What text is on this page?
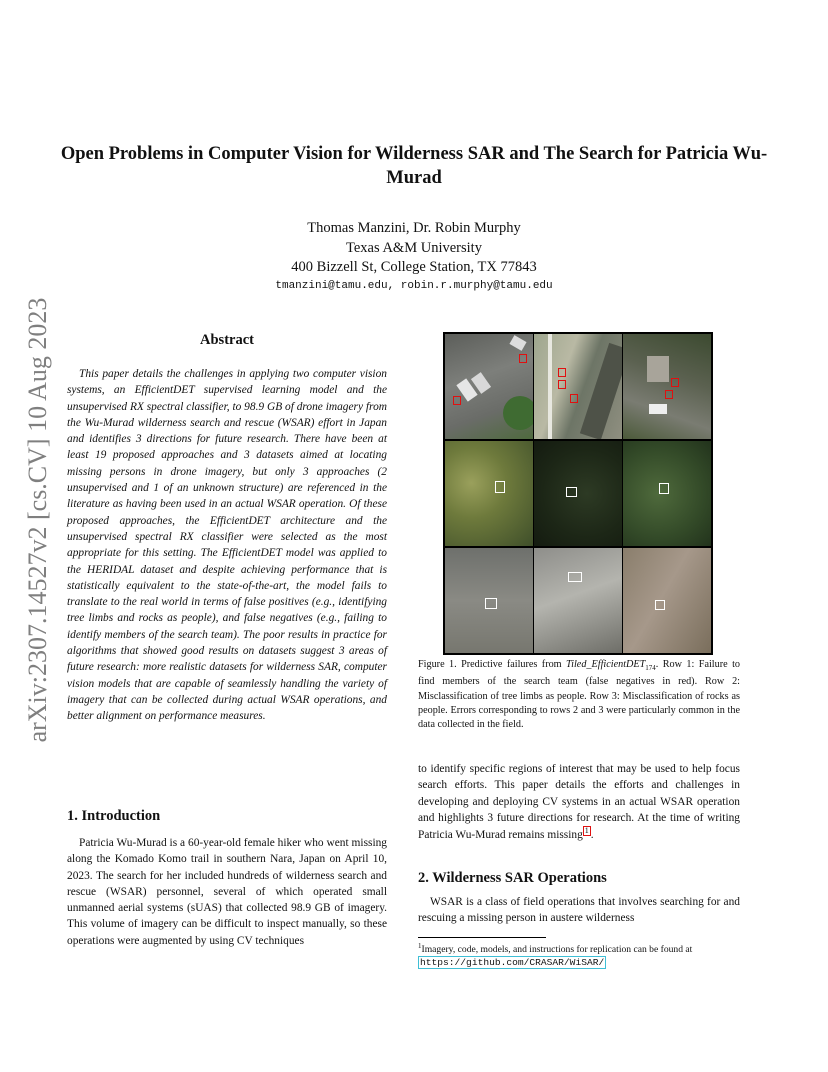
Open Problems in Computer Vision for Wilderness SAR and The Search for Patricia Wu-Murad
Thomas Manzini, Dr. Robin Murphy
Texas A&M University
400 Bizzell St, College Station, TX 77843
tmanzini@tamu.edu, robin.r.murphy@tamu.edu
arXiv:2307.14527v2 [cs.CV] 10 Aug 2023	Abstract
This paper details the challenges in applying two computer vision systems, an EfficientDET supervised learning model and the unsupervised RX spectral classifier, to 98.9 GB of drone imagery from the Wu-Murad wilderness search and rescue (WSAR) effort in Japan and identifies 3 directions for future research. There have been at least 19 proposed approaches and 3 datasets aimed at locating missing persons in drone imagery, but only 3 approaches (2 unsupervised and 1 of an unknown structure) are referenced in the literature as having been used in an actual WSAR operation. Of these proposed approaches, the EfficientDET architecture and the unsupervised spectral RX classifier were selected as the most appropriate for this setting. The EfficientDET model was applied to the HERIDAL dataset and despite achieving performance that is statistically equivalent to the state-of-the-art, the model fails to translate to the real world in terms of false positives (e.g., identifying tree limbs and rocks as people), and false negatives (e.g., failing to identify members of the search team). The poor results in practice for algorithms that showed good results on datasets suggest 3 areas of future research: more realistic datasets for wilderness SAR, computer vision models that are capable of seamlessly handling the variety of imagery that can be collected during actual WSAR operations, and better alignment on performance measures.
1. Introduction
Patricia Wu-Murad is a 60-year-old female hiker who went missing along the Komado Komo trail in southern Nara, Japan on April 10, 2023. The search for her included hundreds of wilderness search and rescue (WSAR) personnel, several of which operated small unmanned aerial systems (sUAS) that collected 98.9 GB of imagery. This volume of imagery can be difficult to inspect manually, so these operations were augmented by using CV techniques
Figure 1. Predictive failures from Tiled_EfficientDET$_{174}$. Row 1: Failure to find members of the search team (false negatives in red). Row 2: Misclassification of tree limbs as people. Row 3: Misclassification of rocks as people. Errors corresponding to rows 2 and 3 were particularly common in the data collected in the field.
to identify specific regions of interest that may be used to help focus search efforts. This paper details the efforts and challenges in developing and deploying CV systems in an actual WSAR operation and highlights 3 future directions for research. At the time of writing Patricia Wu-Murad remains missing 1 .
2. Wilderness SAR Operations
WSAR is a class of field operations that involves searching for and rescuing a missing person in austere wilderness
$^1$Imagery, code, models, and instructions for replication can be found at https://github.com/CRASAR/WiSAR/
